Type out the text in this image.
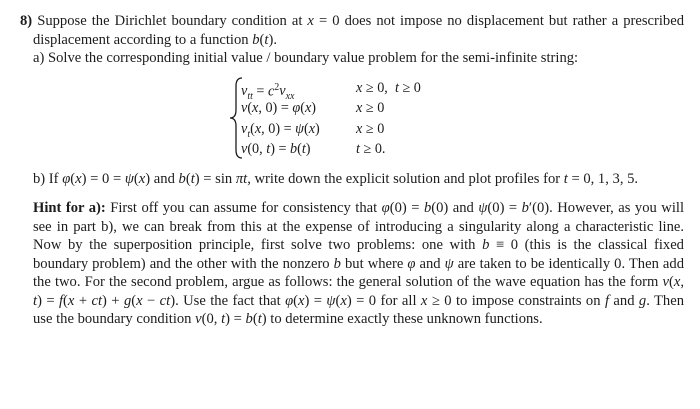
8) Suppose the Dirichlet boundary condition at x = 0 does not impose no displacement but rather a prescribed displacement according to a function b(t).

a) Solve the corresponding initial value / boundary value problem for the semi-infinite string:

$v_{tt} = c^2v_{xx}$
v(x, 0) = φ(x)
$v_t(x$, 0) = ψ(x)
v(0, t) = b(t)
x ≥ 0,  t ≥ 0
x ≥ 0
x ≥ 0
t ≥ 0.

b) If φ(x) = 0 = ψ(x) and b(t) = sin πt, write down the explicit solution and plot profiles for t = 0, 1, 3, 5.

Hint for a): First off you can assume for consistency that φ(0) = b(0) and ψ(0) = b′(0). However, as you will see in part b), we can break from this at the expense of introducing a singularity along a characteristic line. Now by the superposition principle, first solve two problems: one with b ≡ 0 (this is the classical fixed boundary problem) and the other with the nonzero b but where φ and ψ are taken to be identically 0. Then add the two. For the second problem, argue as follows: the general solution of the wave equation has the form v(x, t) = f(x + ct) + g(x − ct). Use the fact that φ(x) = ψ(x) = 0 for all x ≥ 0 to impose constraints on f and g. Then use the boundary condition v(0, t) = b(t) to determine exactly these unknown functions.
